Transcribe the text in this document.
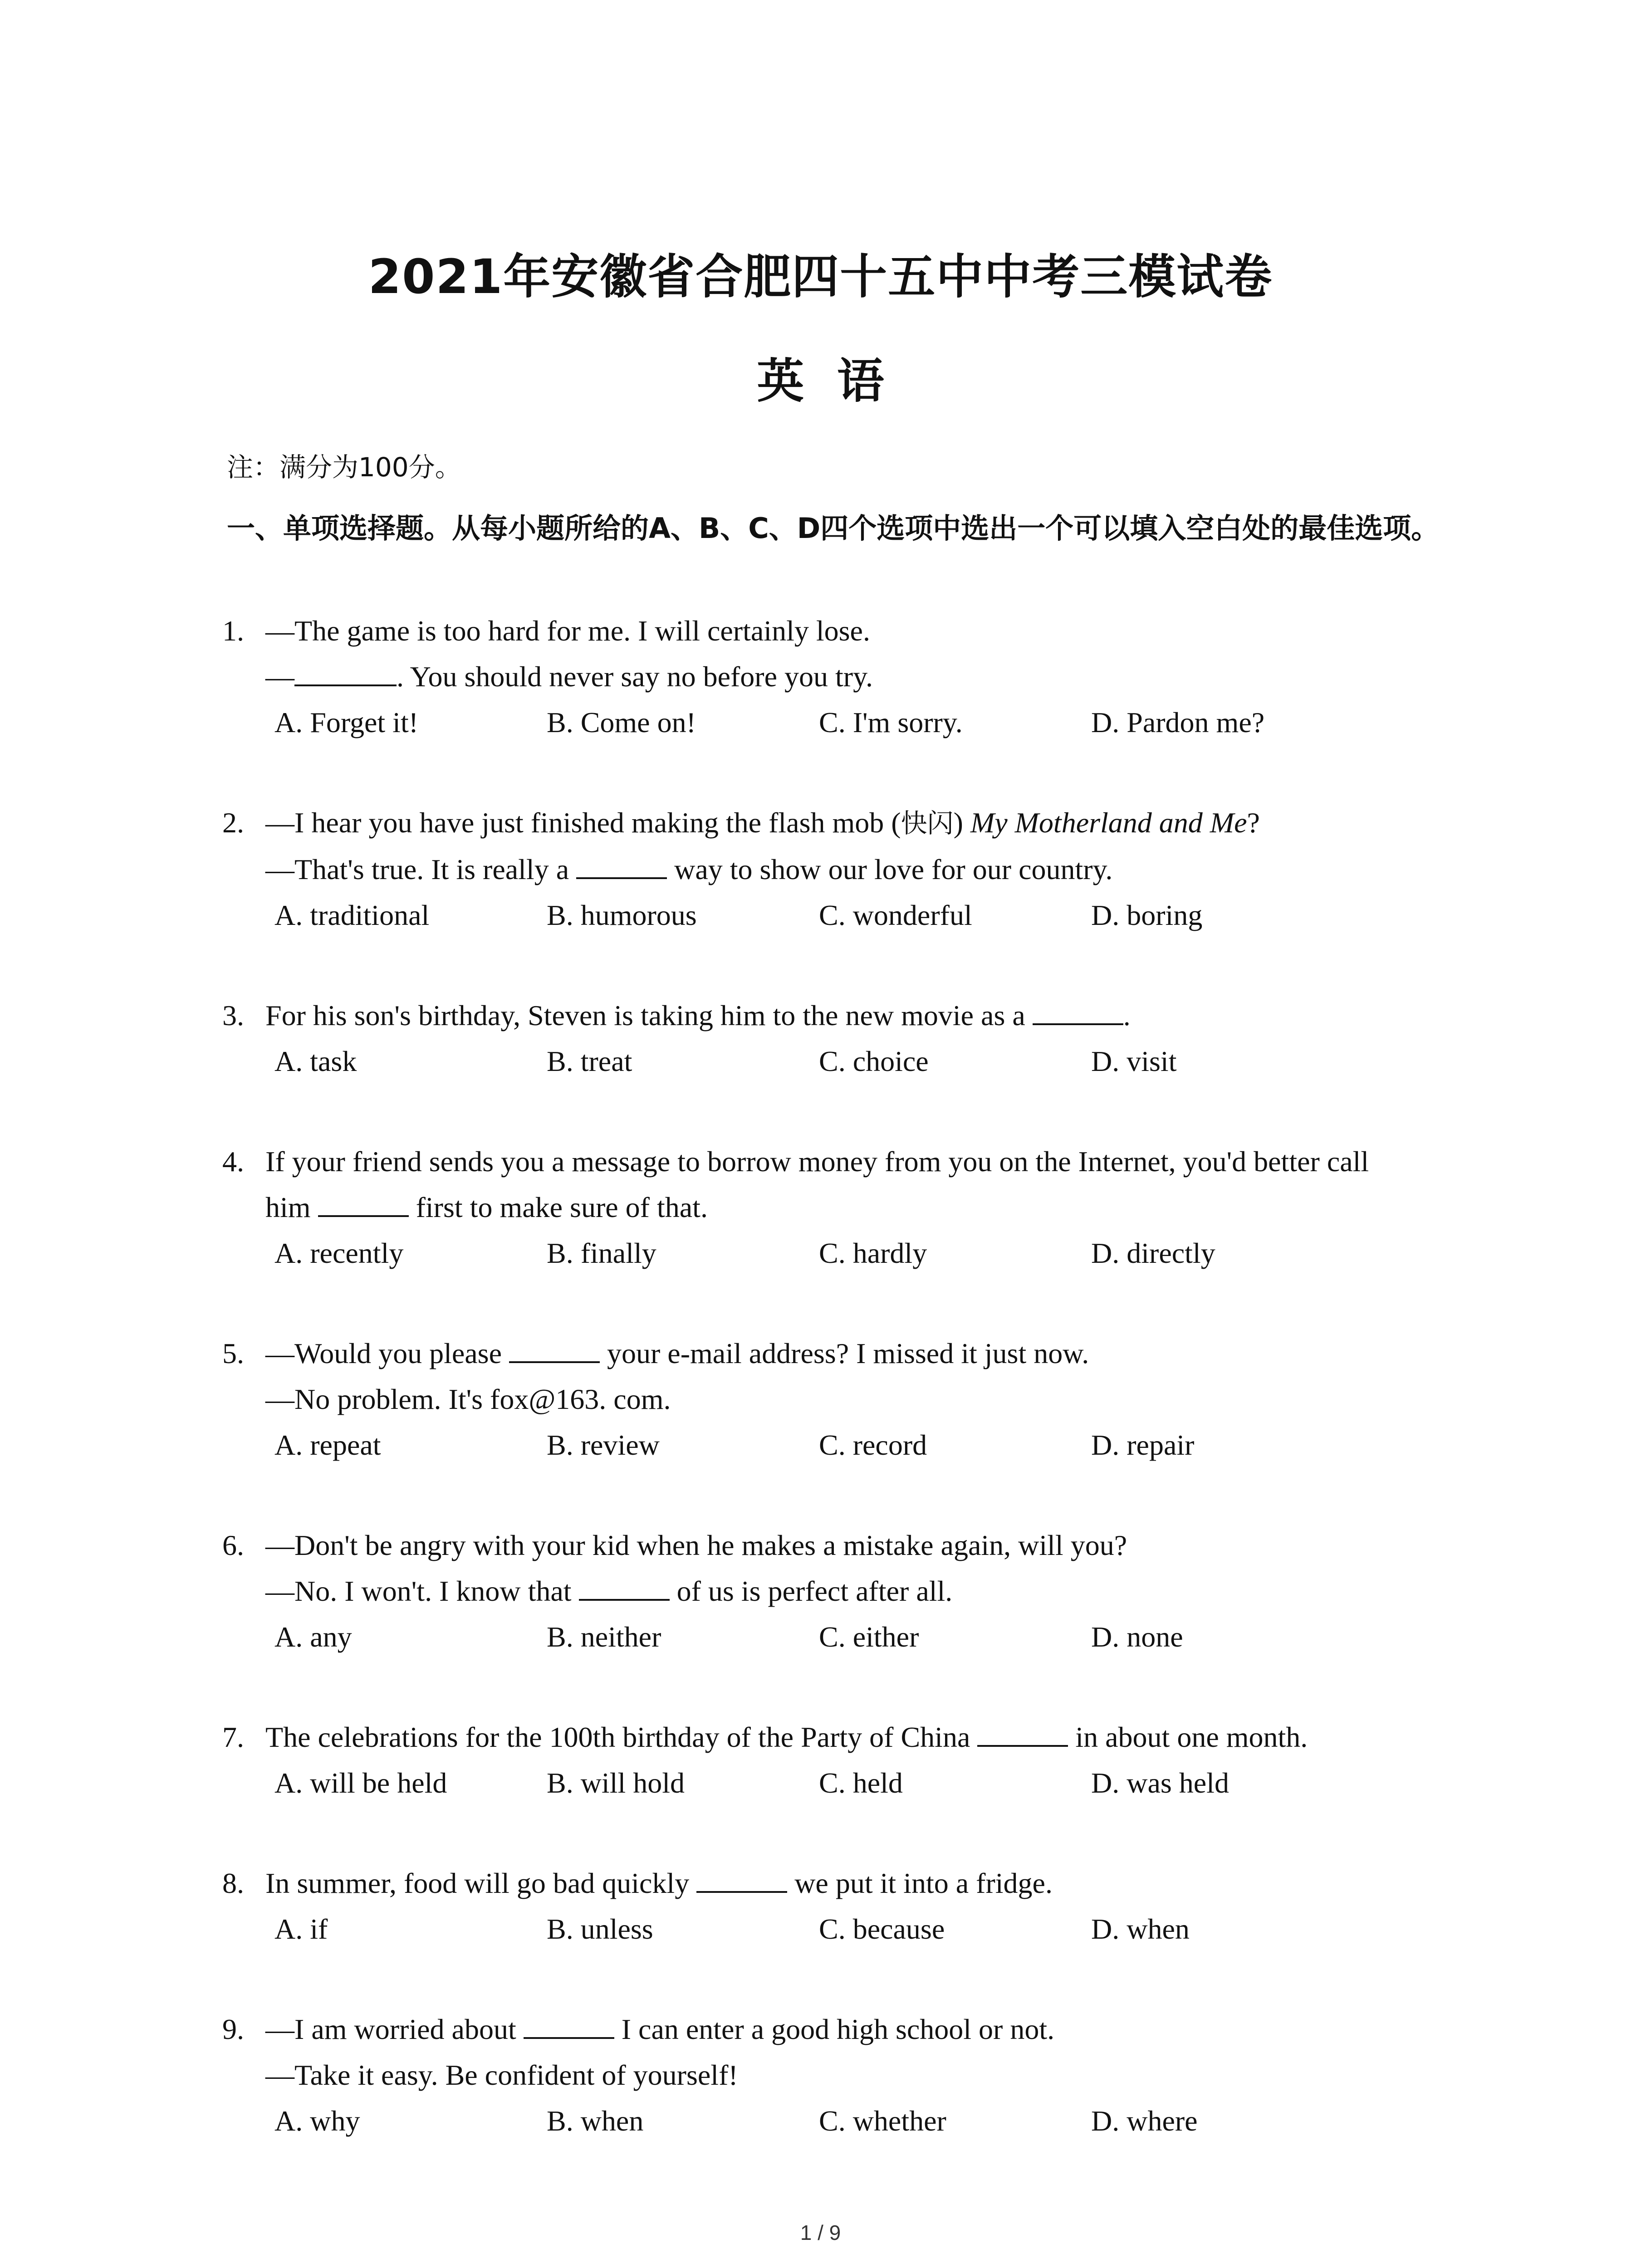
2021年安徽省合肥四十五中中考三模试卷
英  语
注：满分为100分。
一、单项选择题。从每小题所给的A、B、C、D四个选项中选出一个可以填入空白处的最佳选项。
1. —The game is too hard for me. I will certainly lose.
—	. You should never say no before you try.
A. Forget it!	B. Come on!	C. I'm sorry.	D. Pardon me?
2. —I hear you have just finished making the flash mob (快闪) My Motherland and Me?
—That's true. It is really a	way to show our love for our country.
A. traditional	B. humorous	C. wonderful	D. boring
3. For his son's birthday, Steven is taking him to the new movie as a	.
A. task	B. treat	C. choice	D. visit
4. If your friend sends you a message to borrow money from you on the Internet, you'd better call
him	first to make sure of that.
A. recently	B. finally	C. hardly	D. directly
5. —Would you please	your e-mail address? I missed it just now.
—No problem. It's fox@163. com.
A. repeat	B. review	C. record	D. repair
6. —Don't be angry with your kid when he makes a mistake again, will you?
—No. I won't. I know that	of us is perfect after all.
A. any	B. neither	C. either	D. none
7. The celebrations for the 100th birthday of the Party of China	in about one month.
A. will be held	B. will hold	C. held	D. was held
8. In summer, food will go bad quickly	we put it into a fridge.
A. if	B. unless	C. because	D. when
9. —I am worried about	I can enter a good high school or not.
—Take it easy. Be confident of yourself!
A. why	B. when	C. whether	D. where
1 / 9
